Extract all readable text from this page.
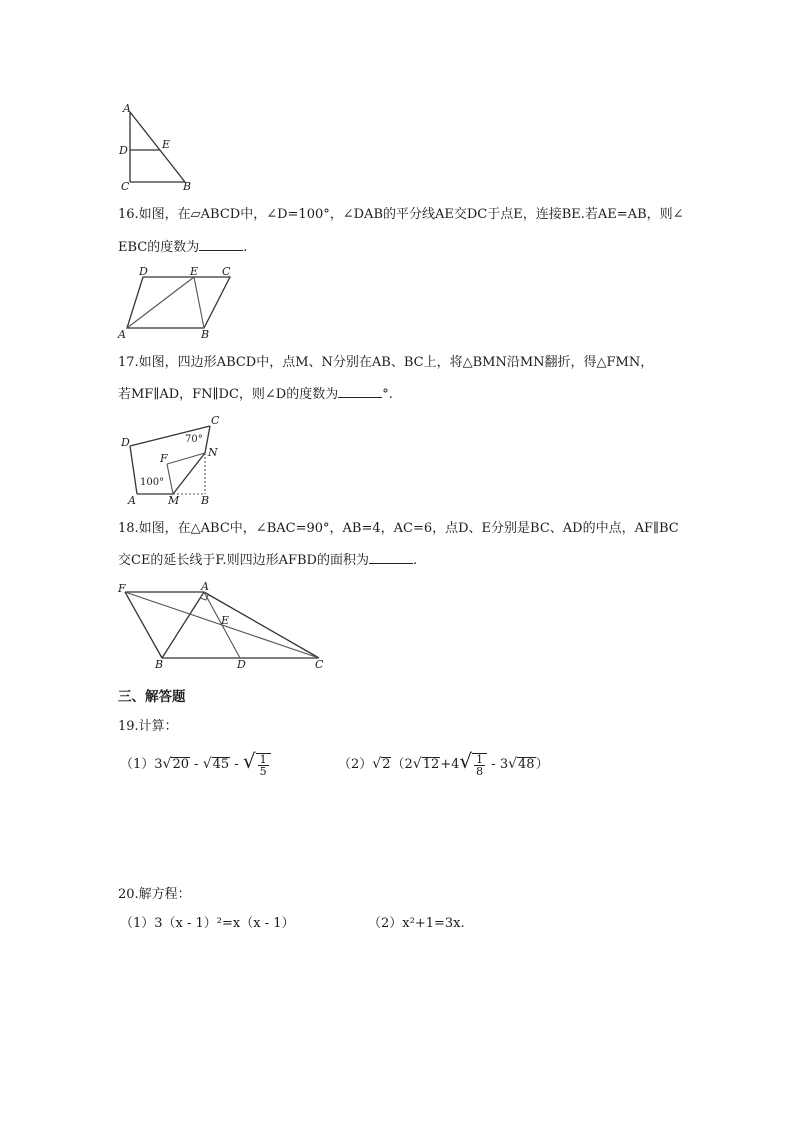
A
D	E
C	B
16.如图，在▱ABCD中，∠D=100°，∠DAB的平分线AE交DC于点E，连接BE.若AE=AB，则∠
EBC的度数为	.
D	E C
A	B
17.如图，四边形ABCD中，点M、N分别在AB、BC上，将△BMN沿MN翻折，得△FMN，
若MF∥AD，FN∥DC，则∠D的度数为	°.
C
D
F	N
A	M B
70°
100°
18.如图，在△ABC中，∠BAC=90°，AB=4，AC=6，点D、E分别是BC、AD的中点，AF∥BC
交CE的延长线于F.则四边形AFBD的面积为	.
F	A
E
B	D	C
三、解答题
19.计算：
（1）3√20 - √45 - √ $\frac{1}{5}$	$(2)√2(2√12+4√ \frac{1}{8} - 3√48)$
20.解方程：
（1）3（x - 1）²=x（x - 1）	（2）x²+1=3x.
